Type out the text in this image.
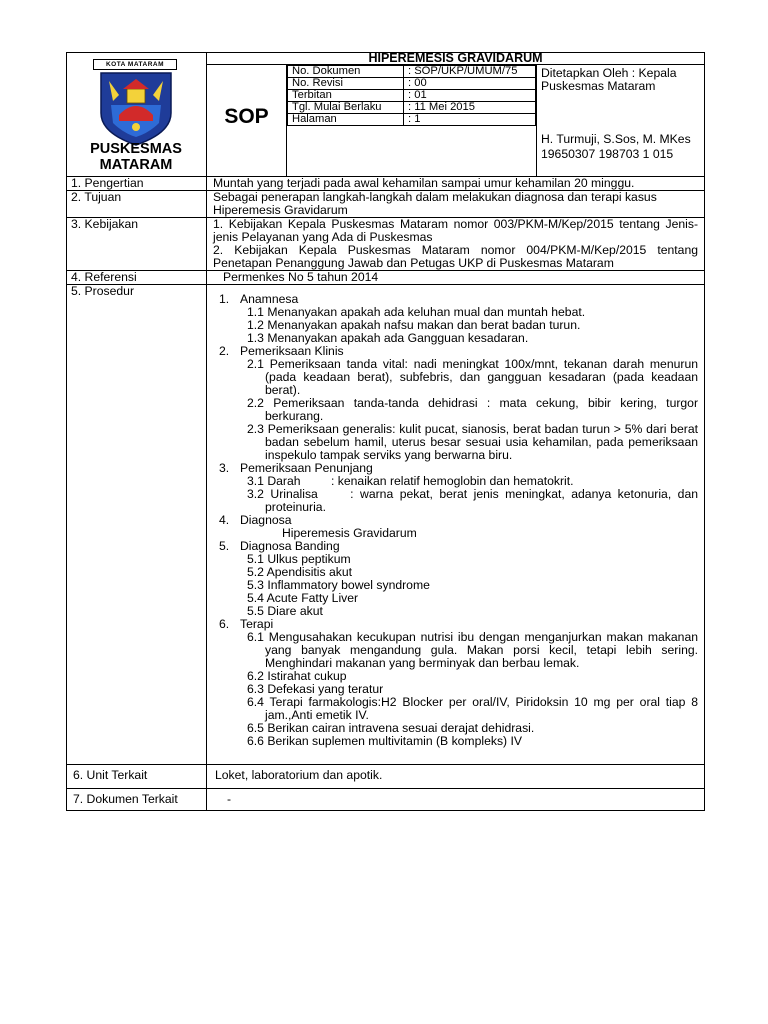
KOTA MATARAM
PUSKESMAS
MATARAM
	HIPEREMESIS GRAVIDARUM

SOP

No. Dokumen	: SOP/UKP/UMUM/75
No. Revisi	: 00
Terbitan	: 01
Tgl. Mulai Berlaku	: 11 Mei 2015
Halaman	: 1

Ditetapkan Oleh : Kepala Puskesmas Mataram
H. Turmuji, S.Sos, M. MKes
19650307 198703 1 015

1. Pengertian	Muntah yang terjadi pada awal kehamilan sampai umur kehamilan 20 minggu.
2. Tujuan	Sebagai penerapan langkah-langkah dalam melakukan diagnosa dan terapi kasus Hiperemesis Gravidarum
3. Kebijakan	1. Kebijakan Kepala Puskesmas Mataram nomor 003/PKM-M/Kep/2015 tentang Jenis-jenis Pelayanan yang Ada di Puskesmas
2. Kebijakan Kepala Puskesmas Mataram nomor 004/PKM-M/Kep/2015 tentang Penetapan Penanggung Jawab dan Petugas UKP di Puskesmas Mataram

4. Referensi	Permenkes No 5 tahun 2014
5. Prosedur	
1. Anamnesa
1.1 Menanyakan apakah ada keluhan mual dan muntah hebat.
1.2 Menanyakan apakah nafsu makan dan berat badan turun.
1.3 Menanyakan apakah ada Gangguan kesadaran.
2. Pemeriksaan Klinis
2.1 Pemeriksaan tanda vital: nadi meningkat 100x/mnt, tekanan darah menurun (pada keadaan berat), subfebris, dan gangguan kesadaran (pada keadaan berat).
2.2 Pemeriksaan tanda-tanda dehidrasi : mata cekung, bibir kering, turgor berkurang.
2.3 Pemeriksaan generalis: kulit pucat, sianosis, berat badan turun > 5% dari berat badan sebelum hamil, uterus besar sesuai usia kehamilan, pada pemeriksaan inspekulo tampak serviks yang berwarna biru.
3. Pemeriksaan Penunjang
3.1 Darah         : kenaikan relatif hemoglobin dan hematokrit.
3.2 Urinalisa     : warna pekat, berat jenis meningkat, adanya ketonuria, dan proteinuria.
4. Diagnosa
Hiperemesis Gravidarum
5. Diagnosa Banding
5.1 Ulkus peptikum
5.2 Apendisitis akut
5.3 Inflammatory bowel syndrome
5.4 Acute Fatty Liver
5.5 Diare akut
6. Terapi
6.1 Mengusahakan kecukupan nutrisi ibu dengan menganjurkan makan makanan yang banyak mengandung gula. Makan porsi kecil, tetapi lebih sering. Menghindari makanan yang berminyak dan berbau lemak.
6.2 Istirahat cukup
6.3 Defekasi yang teratur
6.4 Terapi farmakologis:H2 Blocker per oral/IV, Piridoksin 10 mg per oral tiap 8 jam.,Anti emetik IV.
6.5 Berikan cairan intravena sesuai derajat dehidrasi.
6.6 Berikan suplemen multivitamin (B kompleks) IV

6. Unit Terkait	Loket, laboratorium dan apotik.
7. Dokumen Terkait	-
